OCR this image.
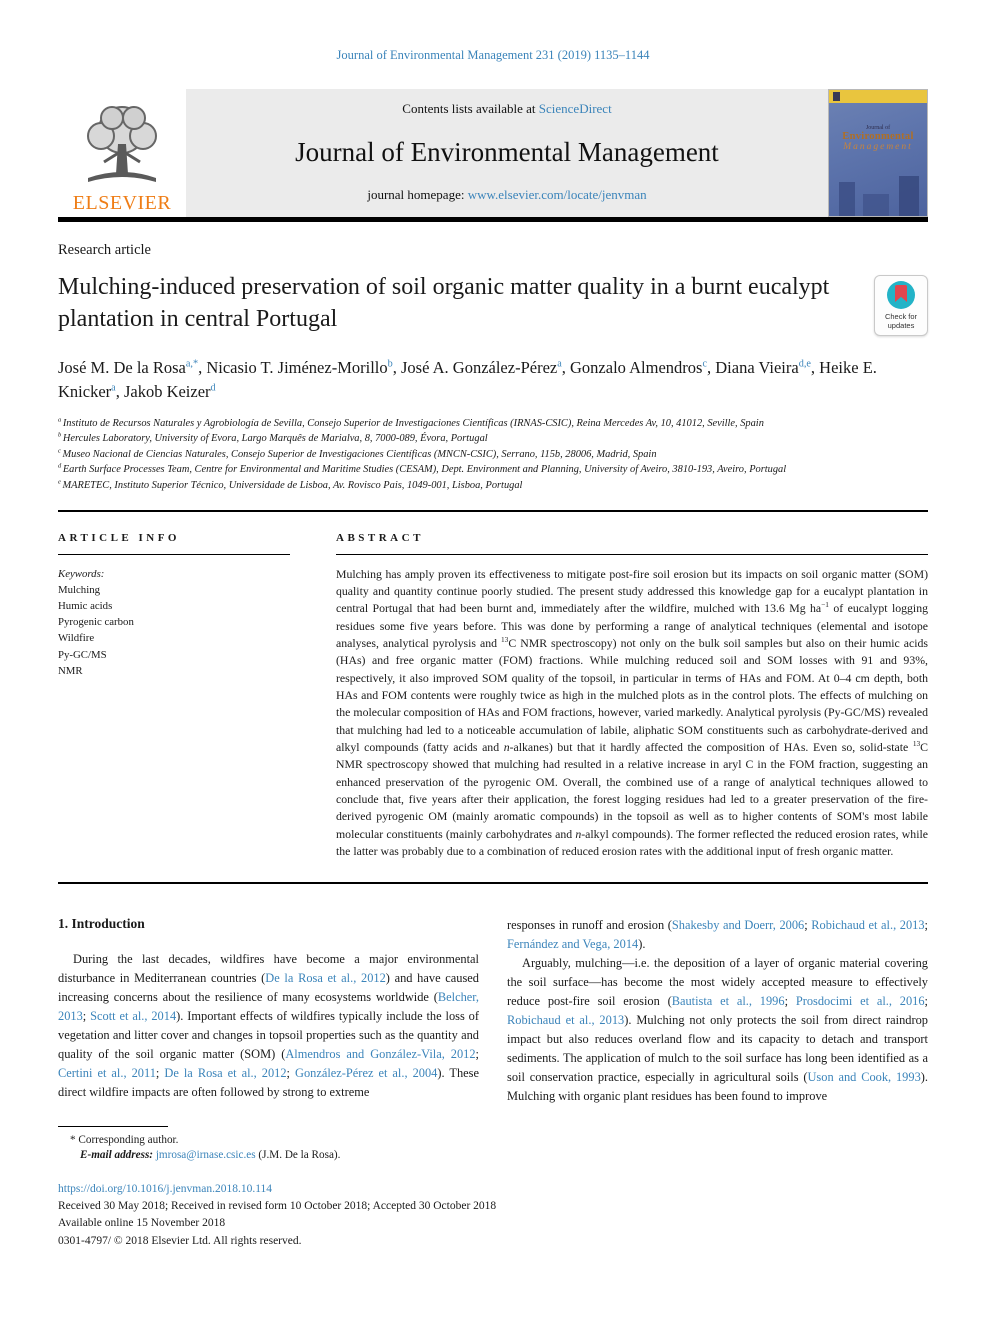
Journal of Environmental Management 231 (2019) 1135–1144
ELSEVIER
Contents lists available at ScienceDirect
Journal of Environmental Management
journal homepage: www.elsevier.com/locate/jenvman
Journal of
Environmental
Management
Research article
Mulching-induced preservation of soil organic matter quality in a burnt eucalypt plantation in central Portugal	Check for
updates
José M. De la Rosa$^{a,*}$, Nicasio T. Jiménez-Morillo$^b$, José A. González-Pérez$^a$, Gonzalo Almendros$^c$, Diana Vieira$^{d,e}$, Heike E. Knicker$^a$, Jakob Keizer$^d$
$^a$ Instituto de Recursos Naturales y Agrobiología de Sevilla, Consejo Superior de Investigaciones Científicas (IRNAS-CSIC), Reina Mercedes Av, 10, 41012, Seville, Spain
$^b$ Hercules Laboratory, University of Evora, Largo Marquês de Marialva, 8, 7000-089, Évora, Portugal
$^c$ Museo Nacional de Ciencias Naturales, Consejo Superior de Investigaciones Científicas (MNCN-CSIC), Serrano, 115b, 28006, Madrid, Spain
$^d$ Earth Surface Processes Team, Centre for Environmental and Maritime Studies (CESAM), Dept. Environment and Planning, University of Aveiro, 3810-193, Aveiro, Portugal
$^e$ MARETEC, Instituto Superior Técnico, Universidade de Lisboa, Av. Rovisco Pais, 1049-001, Lisboa, Portugal
ARTICLE INFO
Keywords:
Mulching
Humic acids
Pyrogenic carbon
Wildfire
Py-GC/MS
NMR
ABSTRACT
Mulching has amply proven its effectiveness to mitigate post-fire soil erosion but its impacts on soil organic matter (SOM) quality and quantity continue poorly studied. The present study addressed this knowledge gap for a eucalypt plantation in central Portugal that had been burnt and, immediately after the wildfire, mulched with 13.6 Mg $ha^{-1}$ of eucalypt logging residues some five years before. This was done by performing a range of analytical techniques (elemental and isotope analyses, analytical pyrolysis and $^{13}$C NMR spectroscopy) not only on the bulk soil samples but also on their humic acids (HAs) and free organic matter (FOM) fractions. While mulching reduced soil and SOM losses with 91 and 93%, respectively, it also improved SOM quality of the topsoil, in particular in terms of HAs and FOM. At 0–4 cm depth, both HAs and FOM contents were roughly twice as high in the mulched plots as in the control plots. The effects of mulching on the molecular composition of HAs and FOM fractions, however, varied markedly. Analytical pyrolysis (Py-GC/MS) revealed that mulching had led to a noticeable accumulation of labile, aliphatic SOM constituents such as carbohydrate-derived and alkyl compounds (fatty acids and n-alkanes) but that it hardly affected the composition of HAs. Even so, solid-state $^{13}$C NMR spectroscopy showed that mulching had resulted in a relative increase in aryl C in the FOM fraction, suggesting an enhanced preservation of the pyrogenic OM. Overall, the combined use of a range of analytical techniques allowed to conclude that, five years after their application, the forest logging residues had led to a greater preservation of the fire-derived pyrogenic OM (mainly aromatic compounds) in the topsoil as well as to higher contents of SOM's most labile molecular constituents (mainly carbohydrates and n-alkyl compounds). The former reflected the reduced erosion rates, while the latter was probably due to a combination of reduced erosion rates with the additional input of fresh organic matter.
1. Introduction
During the last decades, wildfires have become a major environmental disturbance in Mediterranean countries (De la Rosa et al., 2012) and have caused increasing concerns about the resilience of many ecosystems worldwide (Belcher, 2013; Scott et al., 2014). Important effects of wildfires typically include the loss of vegetation and litter cover and changes in topsoil properties such as the quantity and quality of the soil organic matter (SOM) (Almendros and González-Vila, 2012; Certini et al., 2011; De la Rosa et al., 2012; González-Pérez et al., 2004). These direct wildfire impacts are often followed by strong to extreme
responses in runoff and erosion (Shakesby and Doerr, 2006; Robichaud et al., 2013; Fernández and Vega, 2014).
Arguably, mulching—i.e. the deposition of a layer of organic material covering the soil surface—has become the most widely accepted measure to effectively reduce post-fire soil erosion (Bautista et al., 1996; Prosdocimi et al., 2016; Robichaud et al., 2013). Mulching not only protects the soil from direct raindrop impact but also reduces overland flow and its capacity to detach and transport sediments. The application of mulch to the soil surface has long been identified as a soil conservation practice, especially in agricultural soils (Uson and Cook, 1993). Mulching with organic plant residues has been found to improve
* Corresponding author.
E-mail address: jmrosa@irnase.csic.es (J.M. De la Rosa).
https://doi.org/10.1016/j.jenvman.2018.10.114
Received 30 May 2018; Received in revised form 10 October 2018; Accepted 30 October 2018
Available online 15 November 2018
0301-4797/ © 2018 Elsevier Ltd. All rights reserved.
